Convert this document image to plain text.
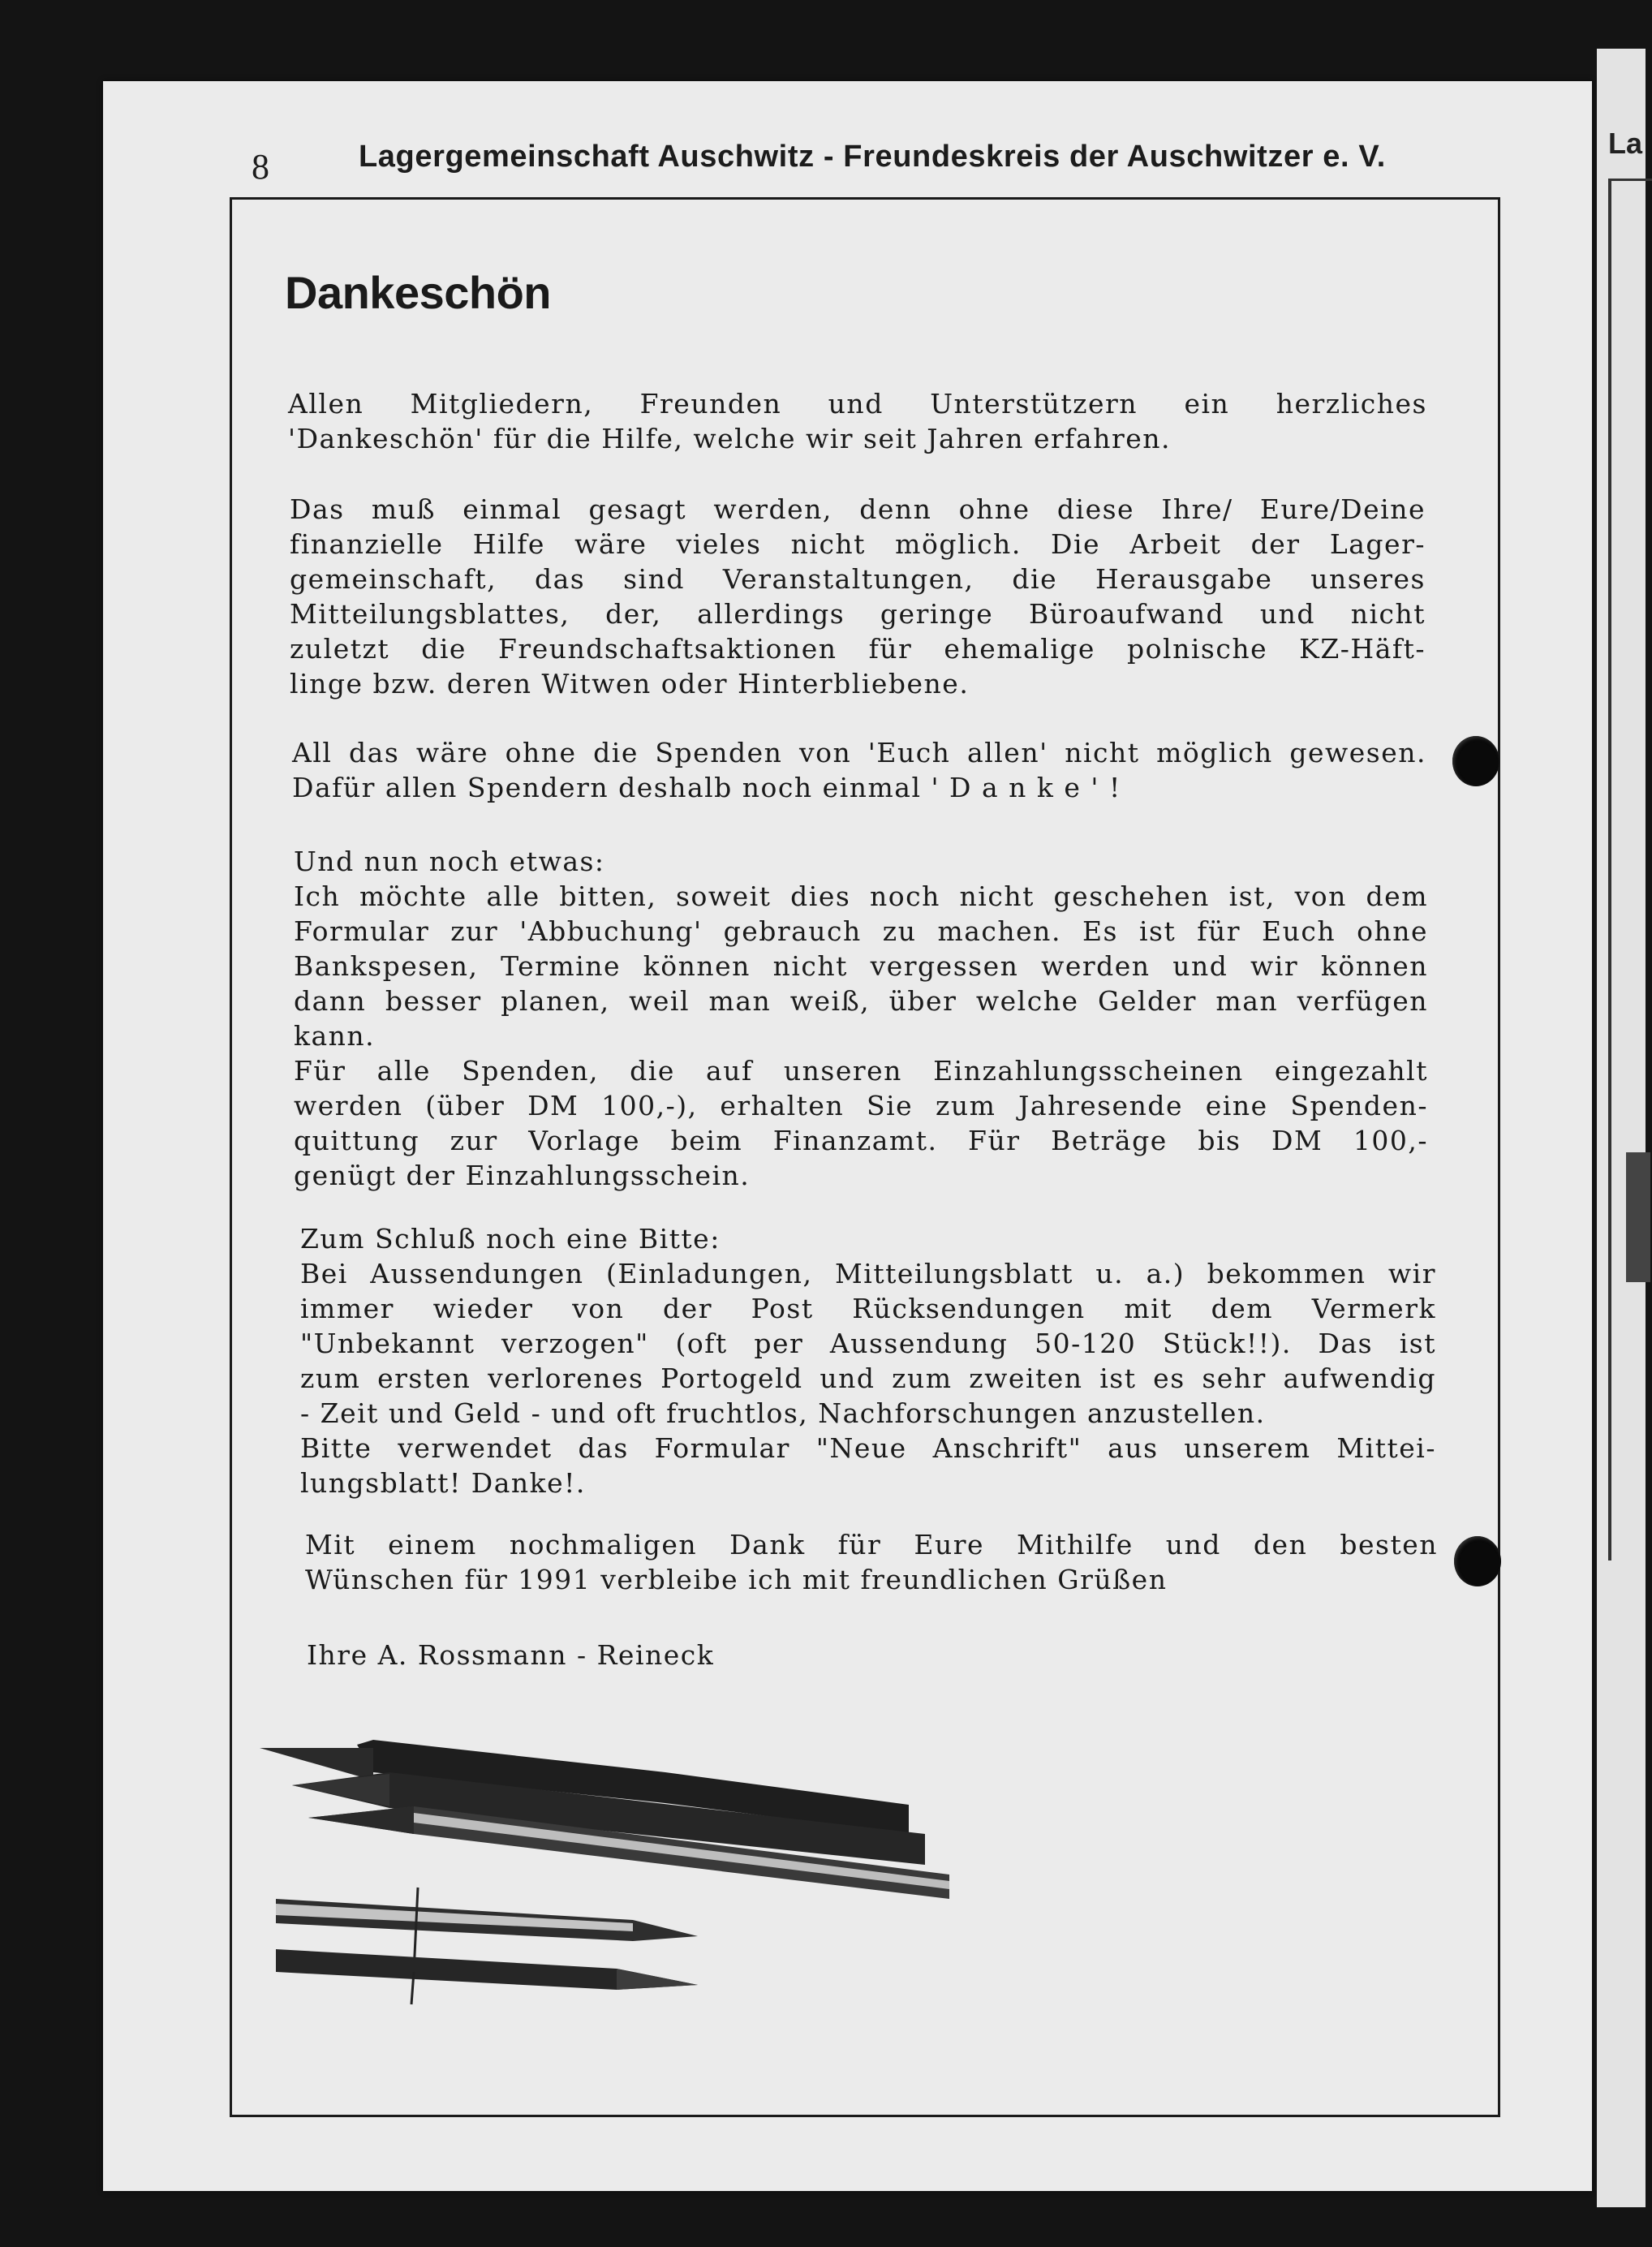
La
8	Lagergemeinschaft Auschwitz - Freundeskreis der Auschwitzer e. V.
Dankeschön
Allen Mitgliedern, Freunden und Unterstützern ein herzliches
'Dankeschön' für die Hilfe, welche wir seit Jahren erfahren.
Das muß einmal gesagt werden, denn ohne diese Ihre/ Eure/Deine
finanzielle Hilfe wäre vieles nicht möglich. Die Arbeit der Lager-
gemeinschaft, das sind Veranstaltungen, die Herausgabe unseres
Mitteilungsblattes, der, allerdings geringe Büroaufwand und nicht
zuletzt die Freundschaftsaktionen für ehemalige polnische KZ-Häft-
linge bzw. deren Witwen oder Hinterbliebene.
All das wäre ohne die Spenden von 'Euch allen' nicht möglich gewesen.
Dafür allen Spendern deshalb noch einmal ' D a n k e ' !
Und nun noch etwas:
Ich möchte alle bitten, soweit dies noch nicht geschehen ist, von dem
Formular zur 'Abbuchung' gebrauch zu machen. Es ist für Euch ohne
Bankspesen, Termine können nicht vergessen werden und wir können
dann besser planen, weil man weiß, über welche Gelder man verfügen
kann.
Für alle Spenden, die auf unseren Einzahlungsscheinen eingezahlt
werden (über DM 100,-), erhalten Sie zum Jahresende eine Spenden-
quittung zur Vorlage beim Finanzamt. Für Beträge bis DM 100,-
genügt der Einzahlungsschein.
Zum Schluß noch eine Bitte:
Bei Aussendungen (Einladungen, Mitteilungsblatt u. a.) bekommen wir
immer wieder von der Post Rücksendungen mit dem Vermerk
"Unbekannt verzogen" (oft per Aussendung 50-120 Stück!!). Das ist
zum ersten verlorenes Portogeld und zum zweiten ist es sehr aufwendig
- Zeit und Geld - und oft fruchtlos, Nachforschungen anzustellen.
Bitte verwendet das Formular "Neue Anschrift" aus unserem Mittei-
lungsblatt! Danke!.
Mit einem nochmaligen Dank für Eure Mithilfe und den besten
Wünschen für 1991 verbleibe ich mit freundlichen Grüßen
Ihre A. Rossmann - Reineck
